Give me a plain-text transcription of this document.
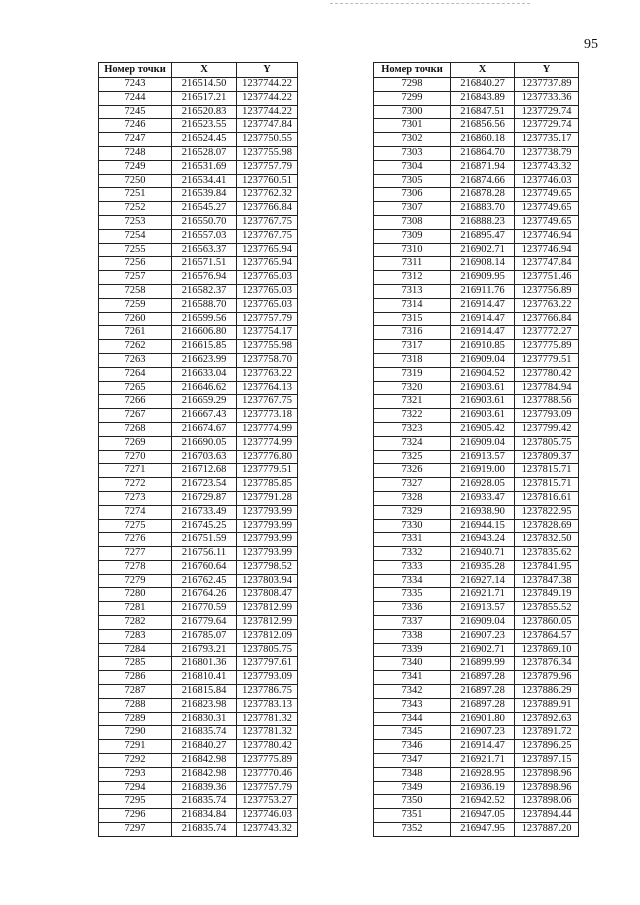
95
Номер точки	X	Y
7243	216514.50	1237744.22
7244	216517.21	1237744.22
7245	216520.83	1237744.22
7246	216523.55	1237747.84
7247	216524.45	1237750.55
7248	216528.07	1237755.98
7249	216531.69	1237757.79
7250	216534.41	1237760.51
7251	216539.84	1237762.32
7252	216545.27	1237766.84
7253	216550.70	1237767.75
7254	216557.03	1237767.75
7255	216563.37	1237765.94
7256	216571.51	1237765.94
7257	216576.94	1237765.03
7258	216582.37	1237765.03
7259	216588.70	1237765.03
7260	216599.56	1237757.79
7261	216606.80	1237754.17
7262	216615.85	1237755.98
7263	216623.99	1237758.70
7264	216633.04	1237763.22
7265	216646.62	1237764.13
7266	216659.29	1237767.75
7267	216667.43	1237773.18
7268	216674.67	1237774.99
7269	216690.05	1237774.99
7270	216703.63	1237776.80
7271	216712.68	1237779.51
7272	216723.54	1237785.85
7273	216729.87	1237791.28
7274	216733.49	1237793.99
7275	216745.25	1237793.99
7276	216751.59	1237793.99
7277	216756.11	1237793.99
7278	216760.64	1237798.52
7279	216762.45	1237803.94
7280	216764.26	1237808.47
7281	216770.59	1237812.99
7282	216779.64	1237812.99
7283	216785.07	1237812.09
7284	216793.21	1237805.75
7285	216801.36	1237797.61
7286	216810.41	1237793.09
7287	216815.84	1237786.75
7288	216823.98	1237783.13
7289	216830.31	1237781.32
7290	216835.74	1237781.32
7291	216840.27	1237780.42
7292	216842.98	1237775.89
7293	216842.98	1237770.46
7294	216839.36	1237757.79
7295	216835.74	1237753.27
7296	216834.84	1237746.03
7297	216835.74	1237743.32
Номер точки	X	Y
7298	216840.27	1237737.89
7299	216843.89	1237733.36
7300	216847.51	1237729.74
7301	216856.56	1237729.74
7302	216860.18	1237735.17
7303	216864.70	1237738.79
7304	216871.94	1237743.32
7305	216874.66	1237746.03
7306	216878.28	1237749.65
7307	216883.70	1237749.65
7308	216888.23	1237749.65
7309	216895.47	1237746.94
7310	216902.71	1237746.94
7311	216908.14	1237747.84
7312	216909.95	1237751.46
7313	216911.76	1237756.89
7314	216914.47	1237763.22
7315	216914.47	1237766.84
7316	216914.47	1237772.27
7317	216910.85	1237775.89
7318	216909.04	1237779.51
7319	216904.52	1237780.42
7320	216903.61	1237784.94
7321	216903.61	1237788.56
7322	216903.61	1237793.09
7323	216905.42	1237799.42
7324	216909.04	1237805.75
7325	216913.57	1237809.37
7326	216919.00	1237815.71
7327	216928.05	1237815.71
7328	216933.47	1237816.61
7329	216938.90	1237822.95
7330	216944.15	1237828.69
7331	216943.24	1237832.50
7332	216940.71	1237835.62
7333	216935.28	1237841.95
7334	216927.14	1237847.38
7335	216921.71	1237849.19
7336	216913.57	1237855.52
7337	216909.04	1237860.05
7338	216907.23	1237864.57
7339	216902.71	1237869.10
7340	216899.99	1237876.34
7341	216897.28	1237879.96
7342	216897.28	1237886.29
7343	216897.28	1237889.91
7344	216901.80	1237892.63
7345	216907.23	1237891.72
7346	216914.47	1237896.25
7347	216921.71	1237897.15
7348	216928.95	1237898.96
7349	216936.19	1237898.96
7350	216942.52	1237898.06
7351	216947.05	1237894.44
7352	216947.95	1237887.20
